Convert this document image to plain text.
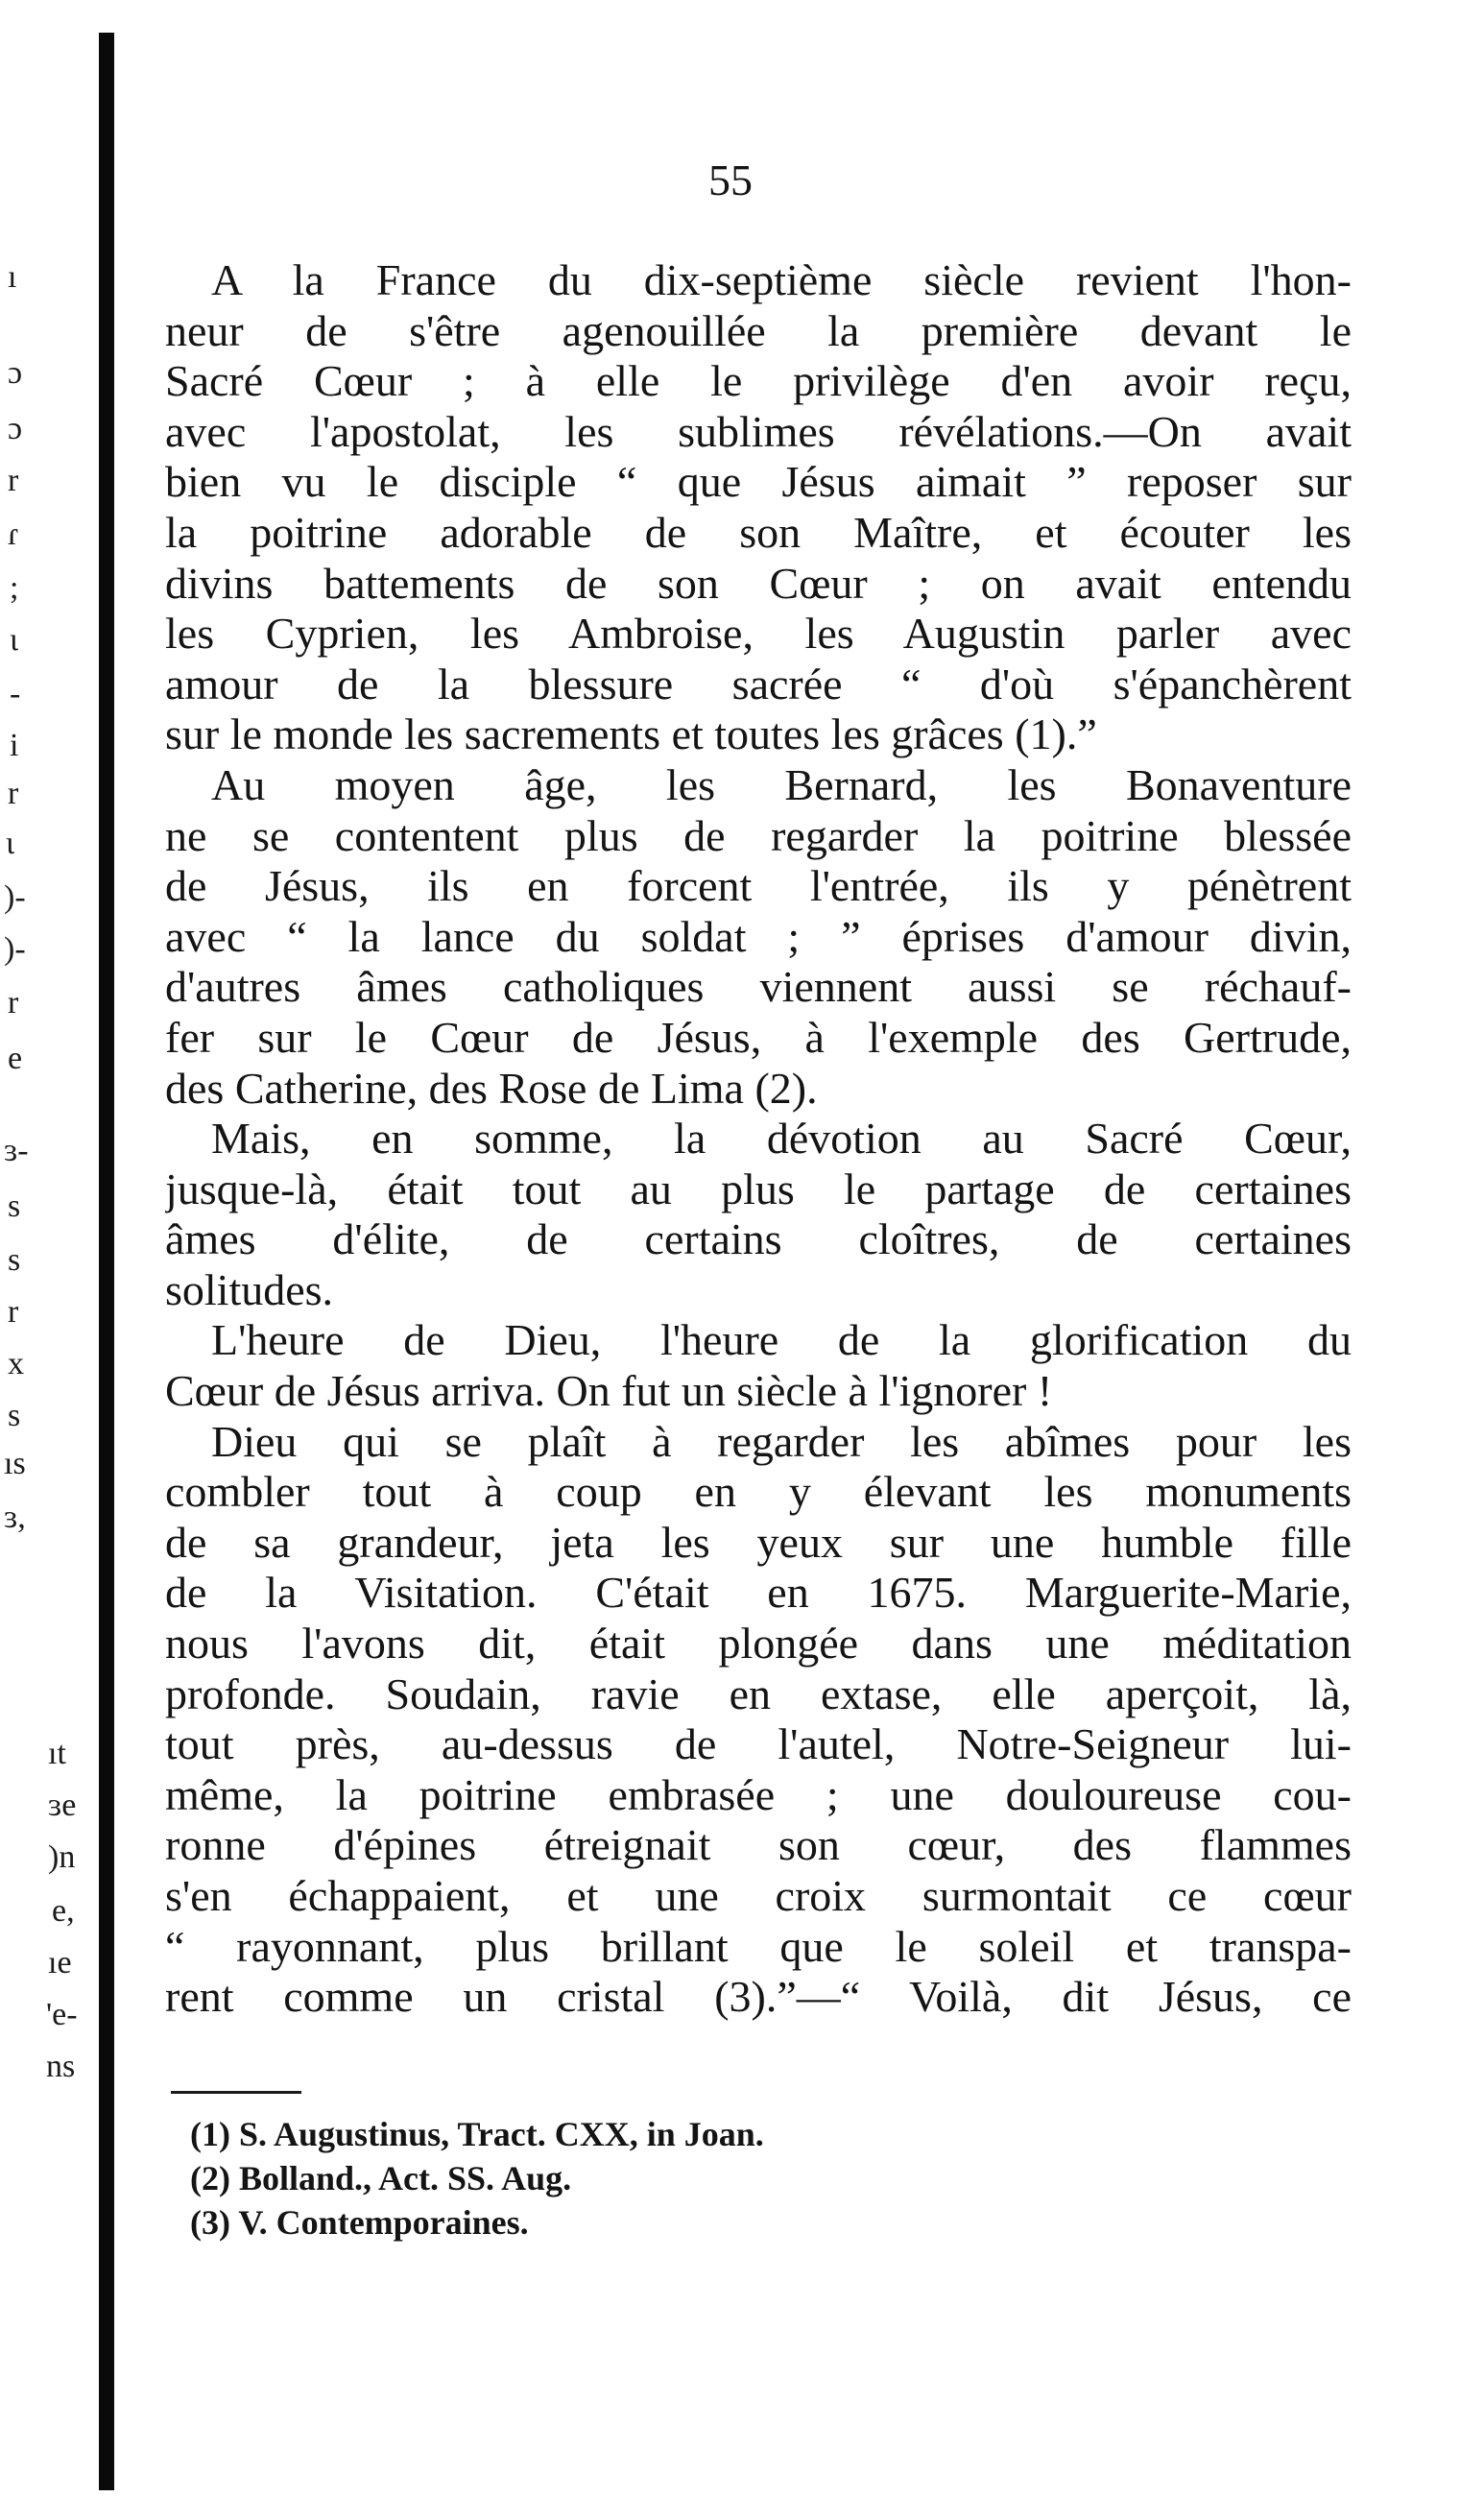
ı
ɔ
ɔ
r
ɾ
;
ι
-
i
r
ɩ
)-
)-
r
e
ɜ-
s
s
r
x
s
ıs
ɜ,
ıt
ɜe
)n
e,
ıe
'e-
ns
55
A la France du dix-septième siècle revient l'hon-
neur de s'être agenouillée la première devant le
Sacré Cœur ; à elle le privilège d'en avoir reçu,
avec l'apostolat, les sublimes révélations.—On avait
bien vu le disciple “ que Jésus aimait ” reposer sur
la poitrine adorable de son Maître, et écouter les
divins battements de son Cœur ; on avait entendu
les Cyprien, les Ambroise, les Augustin parler avec
amour de la blessure sacrée “ d'où s'épanchèrent
sur le monde les sacrements et toutes les grâces (1).”
Au moyen âge, les Bernard, les Bonaventure
ne se contentent plus de regarder la poitrine blessée
de Jésus, ils en forcent l'entrée, ils y pénètrent
avec “ la lance du soldat ; ” éprises d'amour divin,
d'autres âmes catholiques viennent aussi se réchauf-
fer sur le Cœur de Jésus, à l'exemple des Gertrude,
des Catherine, des Rose de Lima (2).
Mais, en somme, la dévotion au Sacré Cœur,
jusque-là, était tout au plus le partage de certaines
âmes d'élite, de certains cloîtres, de certaines
solitudes.
L'heure de Dieu, l'heure de la glorification du
Cœur de Jésus arriva. On fut un siècle à l'ignorer !
Dieu qui se plaît à regarder les abîmes pour les
combler tout à coup en y élevant les monuments
de sa grandeur, jeta les yeux sur une humble fille
de la Visitation. C'était en 1675. Marguerite-Marie,
nous l'avons dit, était plongée dans une méditation
profonde. Soudain, ravie en extase, elle aperçoit, là,
tout près, au-dessus de l'autel, Notre-Seigneur lui-
même, la poitrine embrasée ; une douloureuse cou-
ronne d'épines étreignait son cœur, des flammes
s'en échappaient, et une croix surmontait ce cœur
“ rayonnant, plus brillant que le soleil et transpa-
rent comme un cristal (3).”—“ Voilà, dit Jésus, ce
(1) S. Augustinus, Tract. CXX, in Joan.
(2) Bolland., Act. SS. Aug.
(3) V. Contemporaines.
